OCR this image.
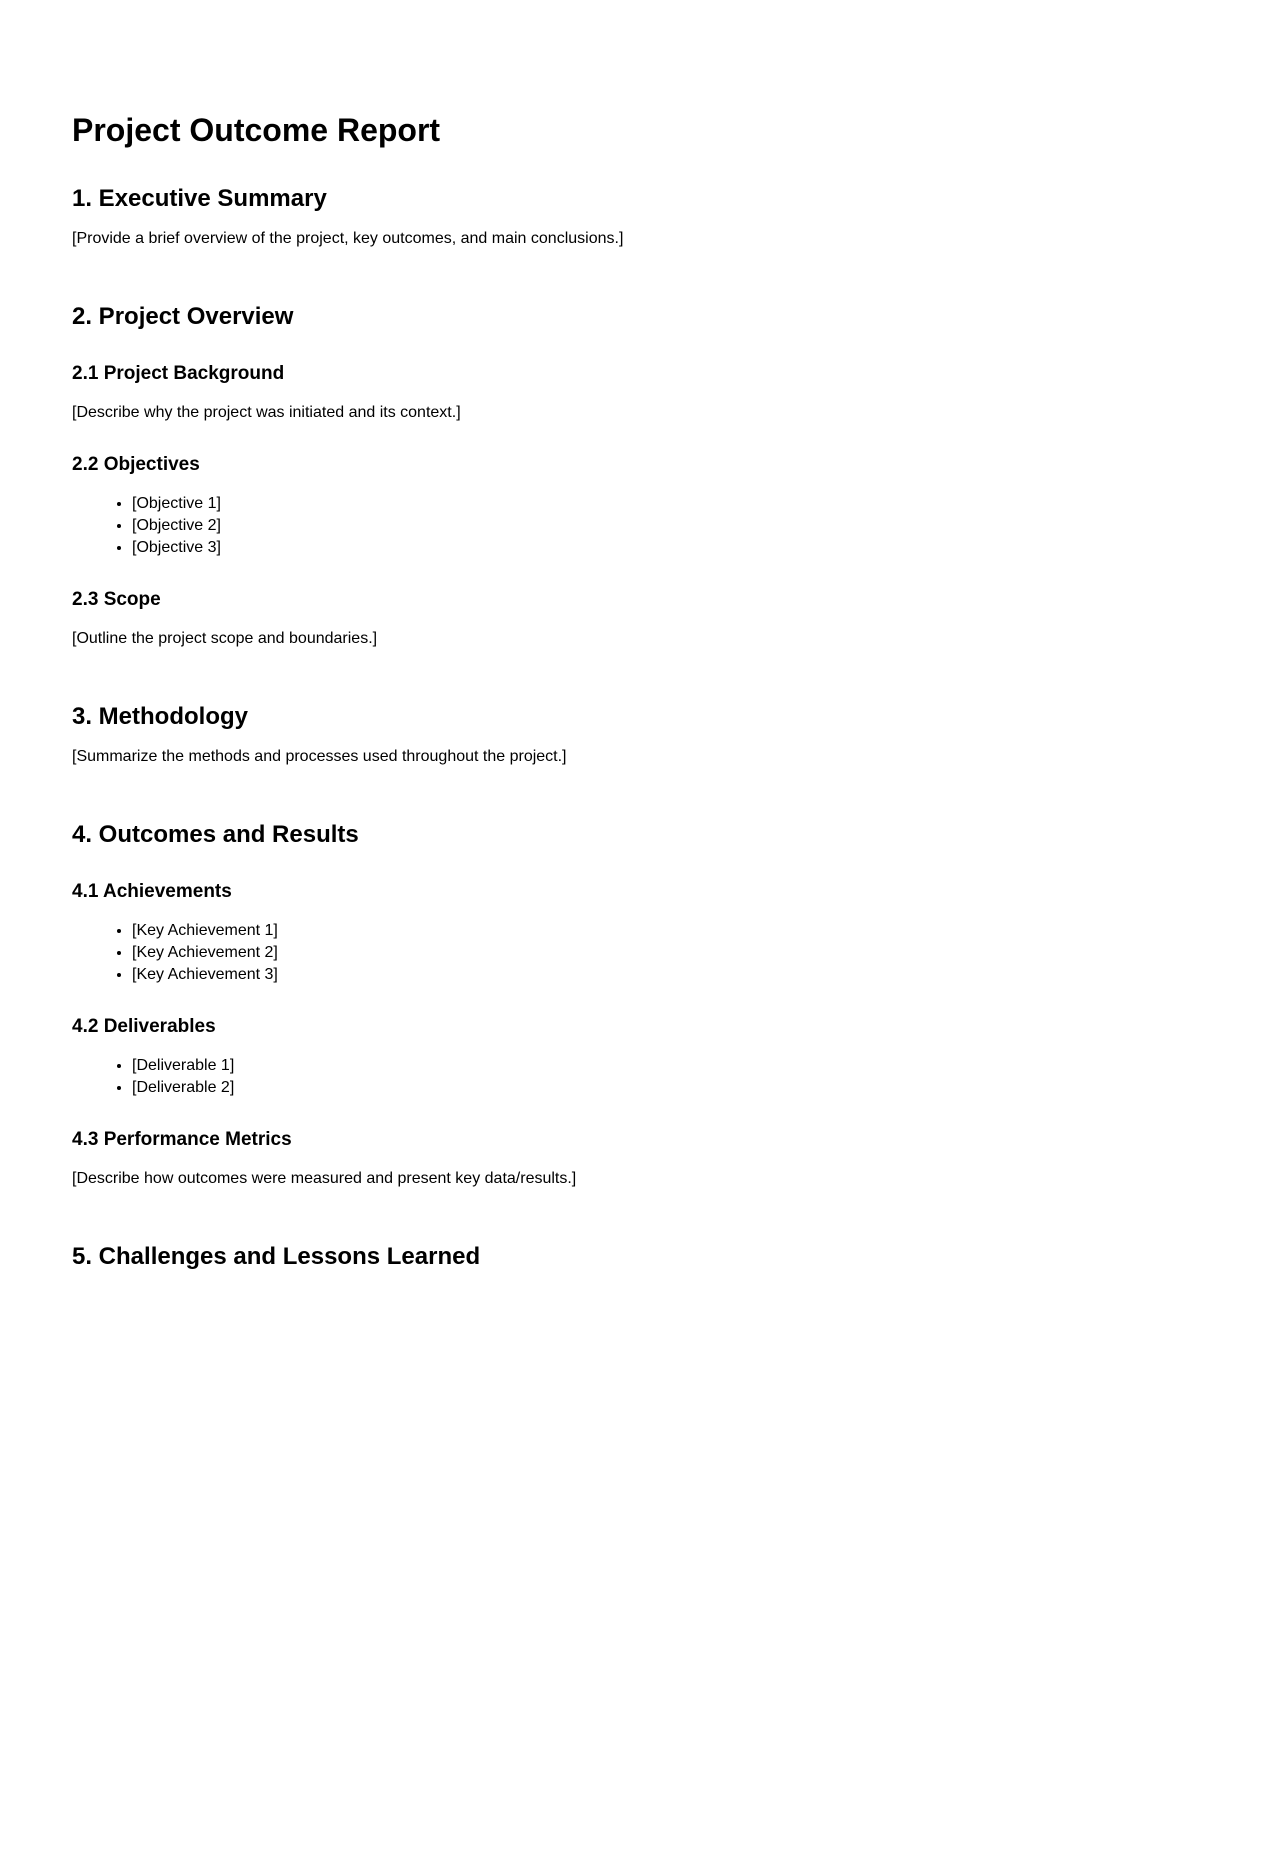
Project Outcome Report
1. Executive Summary

[Provide a brief overview of the project, key outcomes, and main conclusions.]

2. Project Overview
2.1 Project Background

[Describe why the project was initiated and its context.]

2.2 Objectives
• [Objective 1]
• [Objective 2]
• [Objective 3]
2.3 Scope

[Outline the project scope and boundaries.]

3. Methodology

[Summarize the methods and processes used throughout the project.]

4. Outcomes and Results
4.1 Achievements
• [Key Achievement 1]
• [Key Achievement 2]
• [Key Achievement 3]
4.2 Deliverables
• [Deliverable 1]
• [Deliverable 2]
4.3 Performance Metrics

[Describe how outcomes were measured and present key data/results.]

5. Challenges and Lessons Learned
